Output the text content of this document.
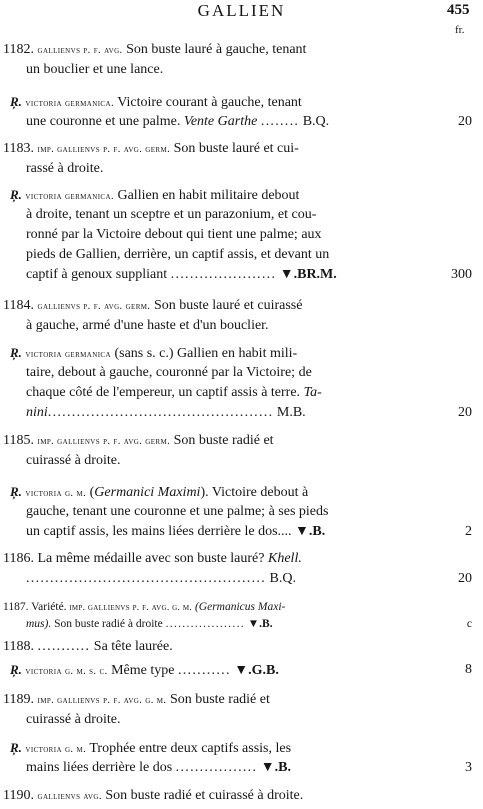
GALLIEN	455
fr.
1182. gallienvs p. f. avg. Son buste lauré à gauche, tenant
un bouclier et une lance.
Ŗ. victoria germanica. Victoire courant à gauche, tenant
une couronne et une palme. Vente Garthe ........ B.Q.	20
1183. imp. gallienvs p. f. avg. germ. Son buste lauré et cui-
rassé à droite.
Ŗ. victoria germanica. Gallien en habit militaire debout
à droite, tenant un sceptre et un parazonium, et cou-
ronné par la Victoire debout qui tient une palme; aux
pieds de Gallien, derrière, un captif assis, et devant un
captif à genoux suppliant ...................... ▼.BR.M.	300
1184. gallienvs p. f. avg. germ. Son buste lauré et cuirassé
à gauche, armé d'une haste et d'un bouclier.
Ŗ. victoria germanica (sans s. c.) Gallien en habit mili-
taire, debout à gauche, couronné par la Victoire; de
chaque côté de l'empereur, un captif assis à terre. Ta-
nini............................................... M.B.	20
1185. imp. gallienvs p. f. avg. germ. Son buste radié et
cuirassé à droite.
Ŗ. victoria g. m. (Germanici Maximi). Victoire debout à
gauche, tenant une couronne et une palme; à ses pieds
un captif assis, les mains liées derrière le dos.... ▼.B.	2
1186. La même médaille avec son buste lauré? Khell.
.................................................. B.Q.	20
1187. Variété. imp. gallienvs p. f. avg. g. m. (Germanicus Maxi-
mus). Son buste radié à droite ................... ▼.B.	c
1188. ........... Sa tête laurée.
Ŗ. victoria g. m. s. c. Même type ........... ▼.G.B.	8
1189. imp. gallienvs p. f. avg. g. m. Son buste radié et
cuirassé à droite.
Ŗ. victoria g. m. Trophée entre deux captifs assis, les
mains liées derrière le dos ................. ▼.B.	3
1190. gallienvs avg. Son buste radié et cuirassé à droite.
